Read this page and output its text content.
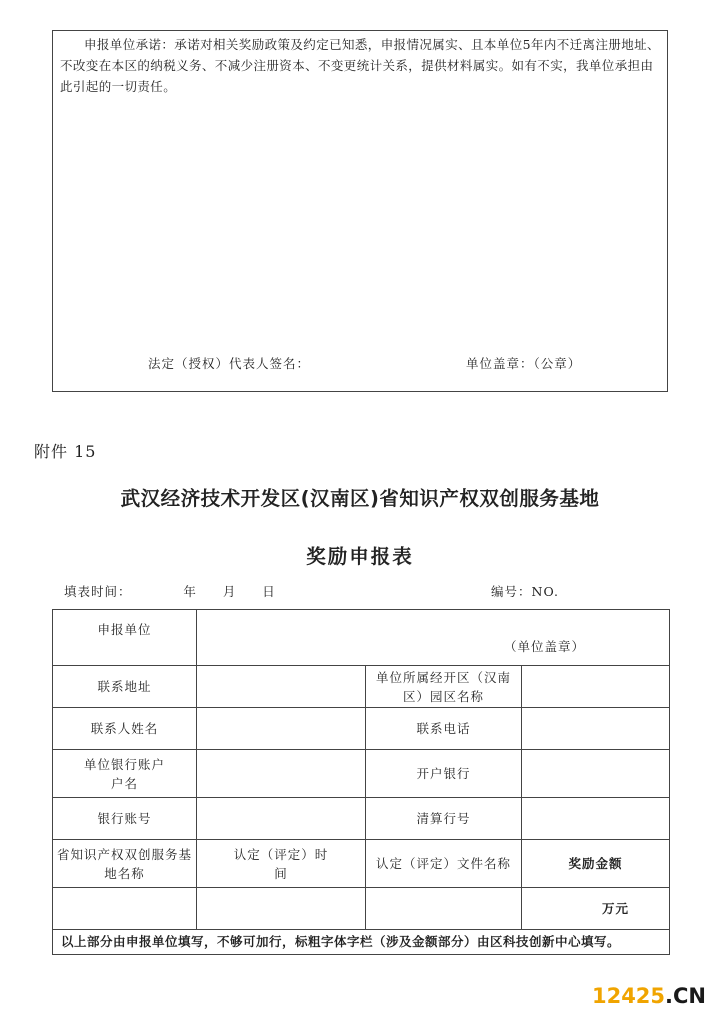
申报单位承诺：承诺对相关奖励政策及约定已知悉，申报情况属实、且本单位5年内不迁离注册地址、不改变在本区的纳税义务、不减少注册资本、不变更统计关系，提供材料属实。如有不实，我单位承担由此引起的一切责任。
法定（授权）代表人签名：	单位盖章：（公章）
附件 15
武汉经济技术开发区(汉南区)省知识产权双创服务基地
奖励申报表
填表时间：    年  月  日	编号：NO.
申报单位	（单位盖章）		

联系地址		单位所属经开区（汉南区）园区名称	
联系人姓名		联系电话	
单位银行账户户名		开户银行	
银行账号		清算行号	
省知识产权双创服务基地名称	认定（评定）时间	认定（评定）文件名称	奖励金额
			万元
以上部分由申报单位填写，不够可加行，标粗字体字栏（涉及金额部分）由区科技创新中心填写。			
12425.CN
